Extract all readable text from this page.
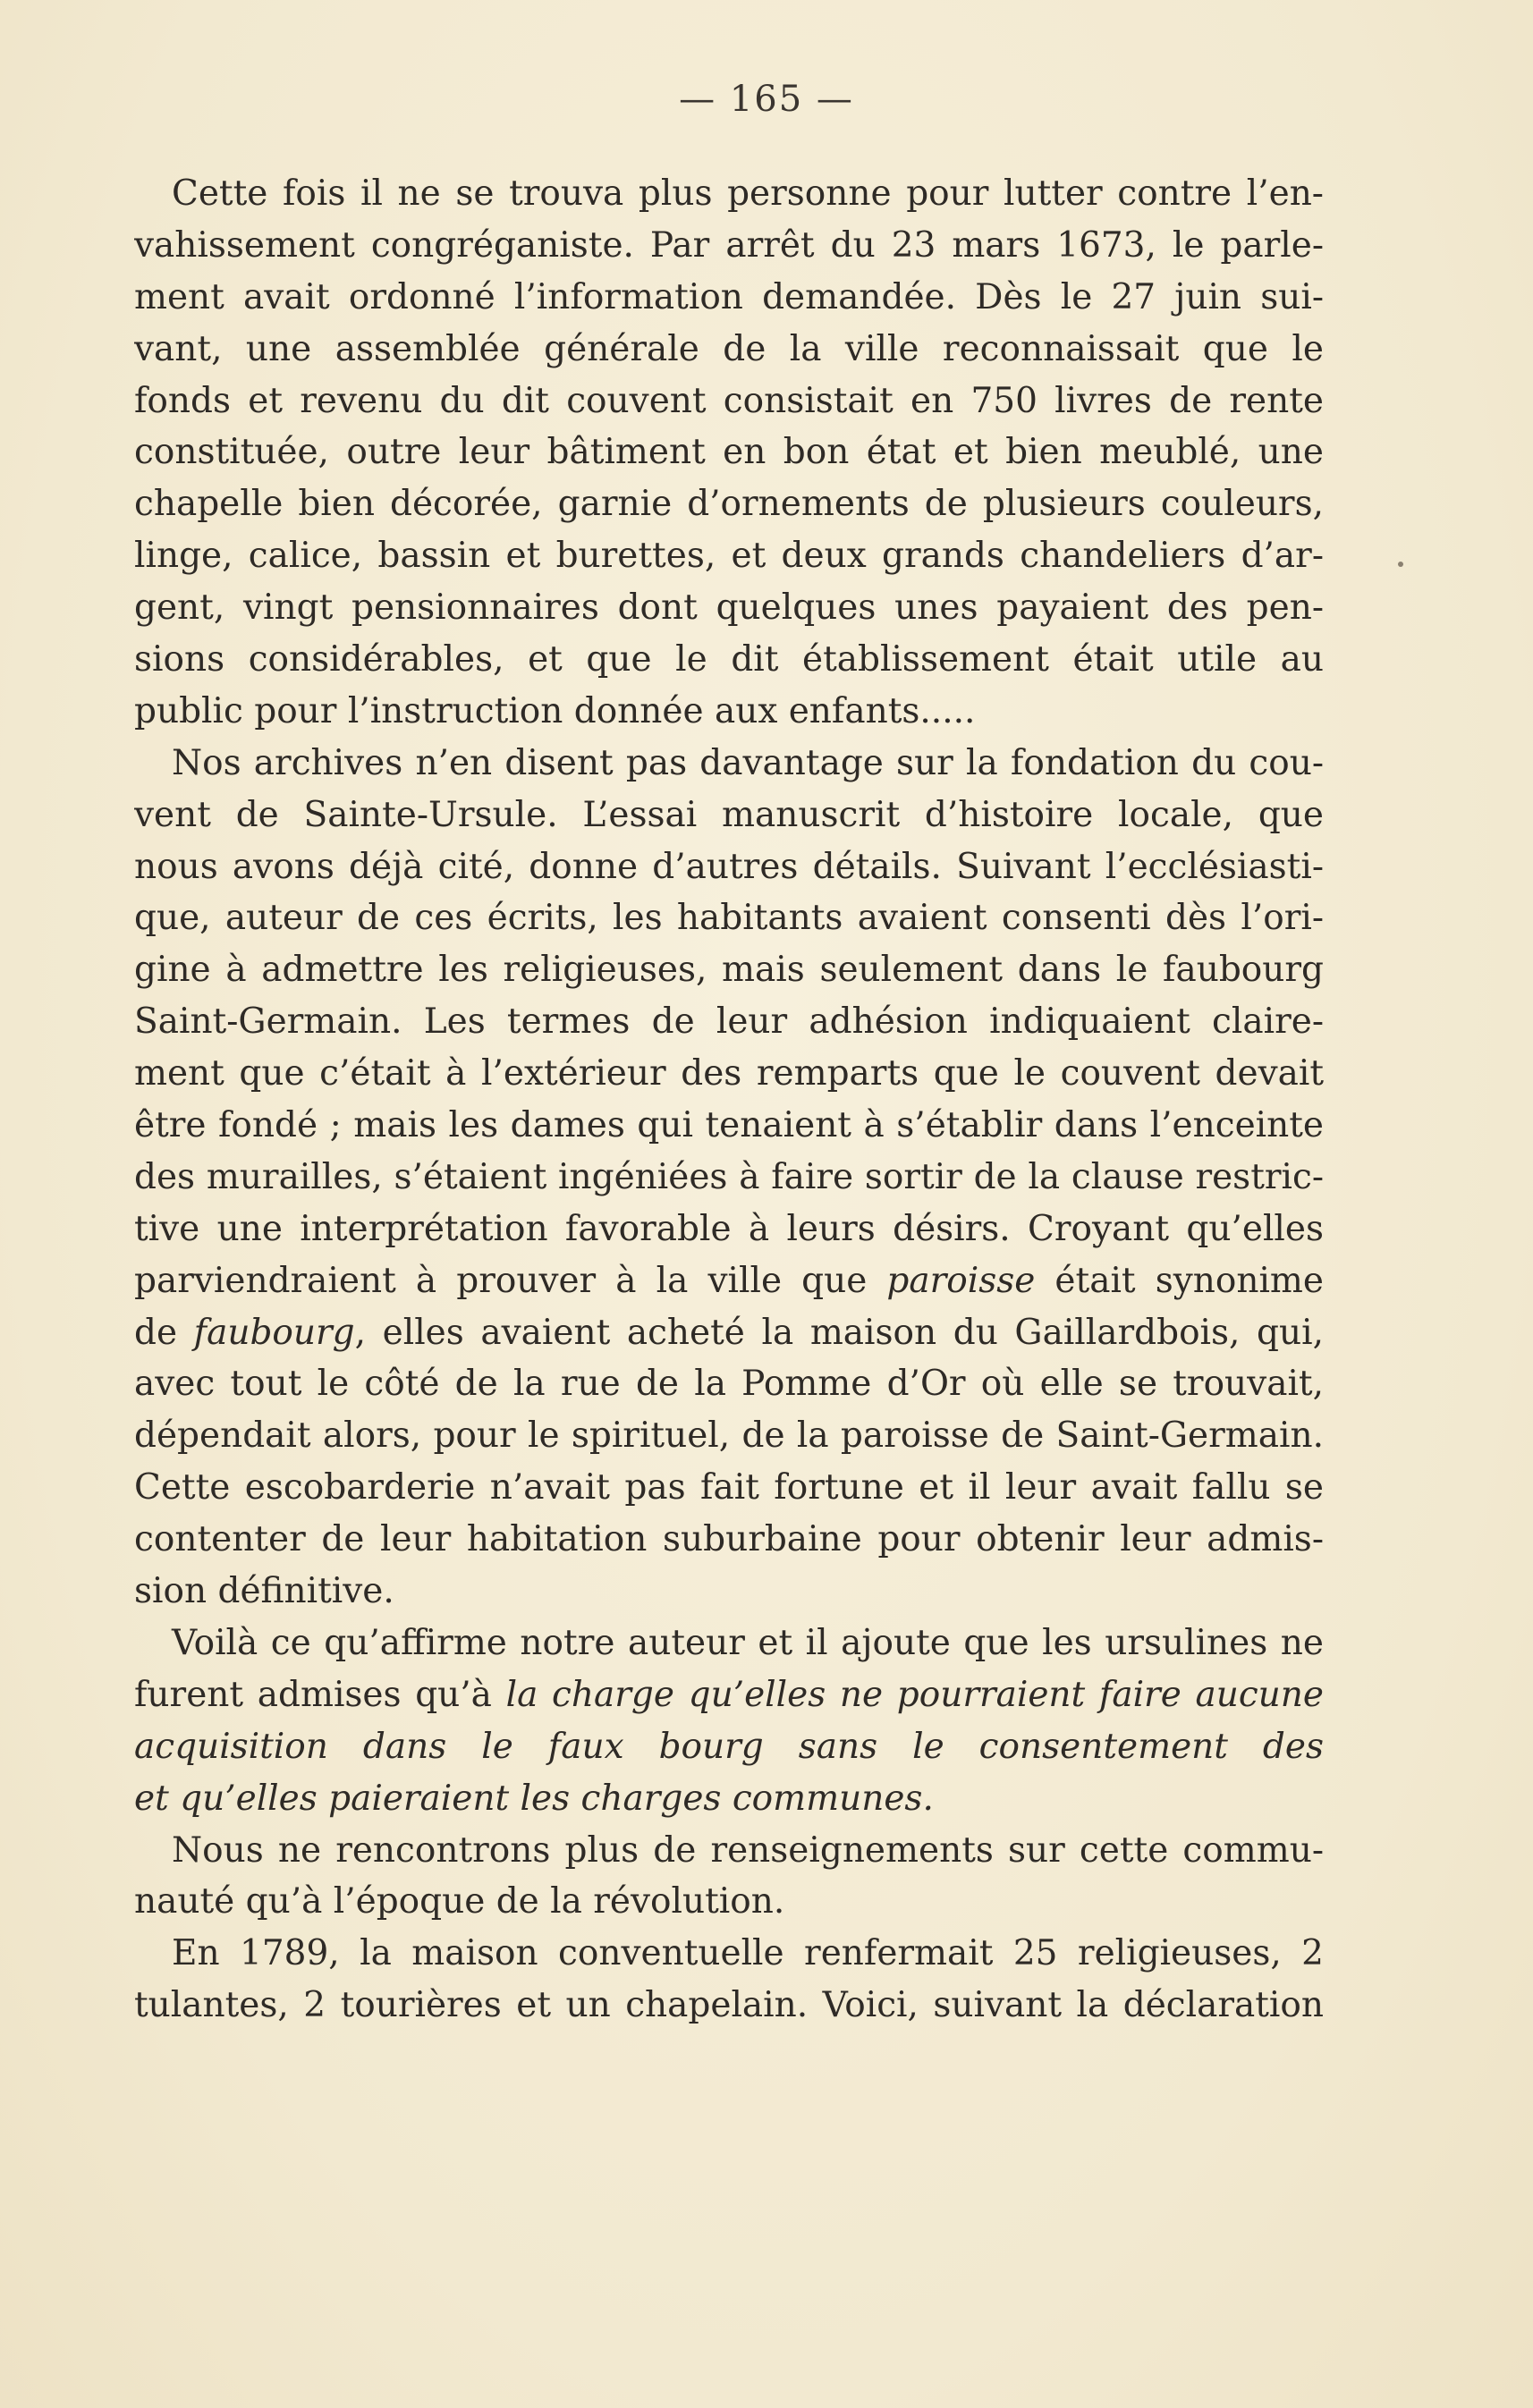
— 165 —
Cette fois il ne se trouva plus personne pour lutter contre l’en-
vahissement congréganiste. Par arrêt du 23 mars 1673, le parle-
ment avait ordonné l’information demandée. Dès le 27 juin sui-
vant, une assemblée générale de la ville reconnaissait que le
fonds et revenu du dit couvent consistait en 750 livres de rente
constituée, outre leur bâtiment en bon état et bien meublé, une
chapelle bien décorée, garnie d’ornements de plusieurs couleurs,
linge, calice, bassin et burettes, et deux grands chandeliers d’ar-
gent, vingt pensionnaires dont quelques unes payaient des pen-
sions considérables, et que le dit établissement était utile au
public pour l’instruction donnée aux enfants.....
Nos archives n’en disent pas davantage sur la fondation du cou-
vent de Sainte-Ursule. L’essai manuscrit d’histoire locale, que
nous avons déjà cité, donne d’autres détails. Suivant l’ecclésiasti-
que, auteur de ces écrits, les habitants avaient consenti dès l’ori-
gine à admettre les religieuses, mais seulement dans le faubourg
Saint-Germain. Les termes de leur adhésion indiquaient claire-
ment que c’était à l’extérieur des remparts que le couvent devait
être fondé ; mais les dames qui tenaient à s’établir dans l’enceinte
des murailles, s’étaient ingéniées à faire sortir de la clause restric-
tive une interprétation favorable à leurs désirs. Croyant qu’elles
parviendraient à prouver à la ville que paroisse était synonime
de faubourg, elles avaient acheté la maison du Gaillardbois, qui,
avec tout le côté de la rue de la Pomme d’Or où elle se trouvait,
dépendait alors, pour le spirituel, de la paroisse de Saint-Germain.
Cette escobarderie n’avait pas fait fortune et il leur avait fallu se
contenter de leur habitation suburbaine pour obtenir leur admis-
sion définitive.
Voilà ce qu’affirme notre auteur et il ajoute que les ursulines ne
furent admises qu’à la charge qu’elles ne pourraient faire aucune
acquisition dans le faux bourg sans le consentement des
et qu’elles paieraient les charges communes.
Nous ne rencontrons plus de renseignements sur cette commu-
nauté qu’à l’époque de la révolution.
En 1789, la maison conventuelle renfermait 25 religieuses, 2
tulantes, 2 tourières et un chapelain. Voici, suivant la déclaration
